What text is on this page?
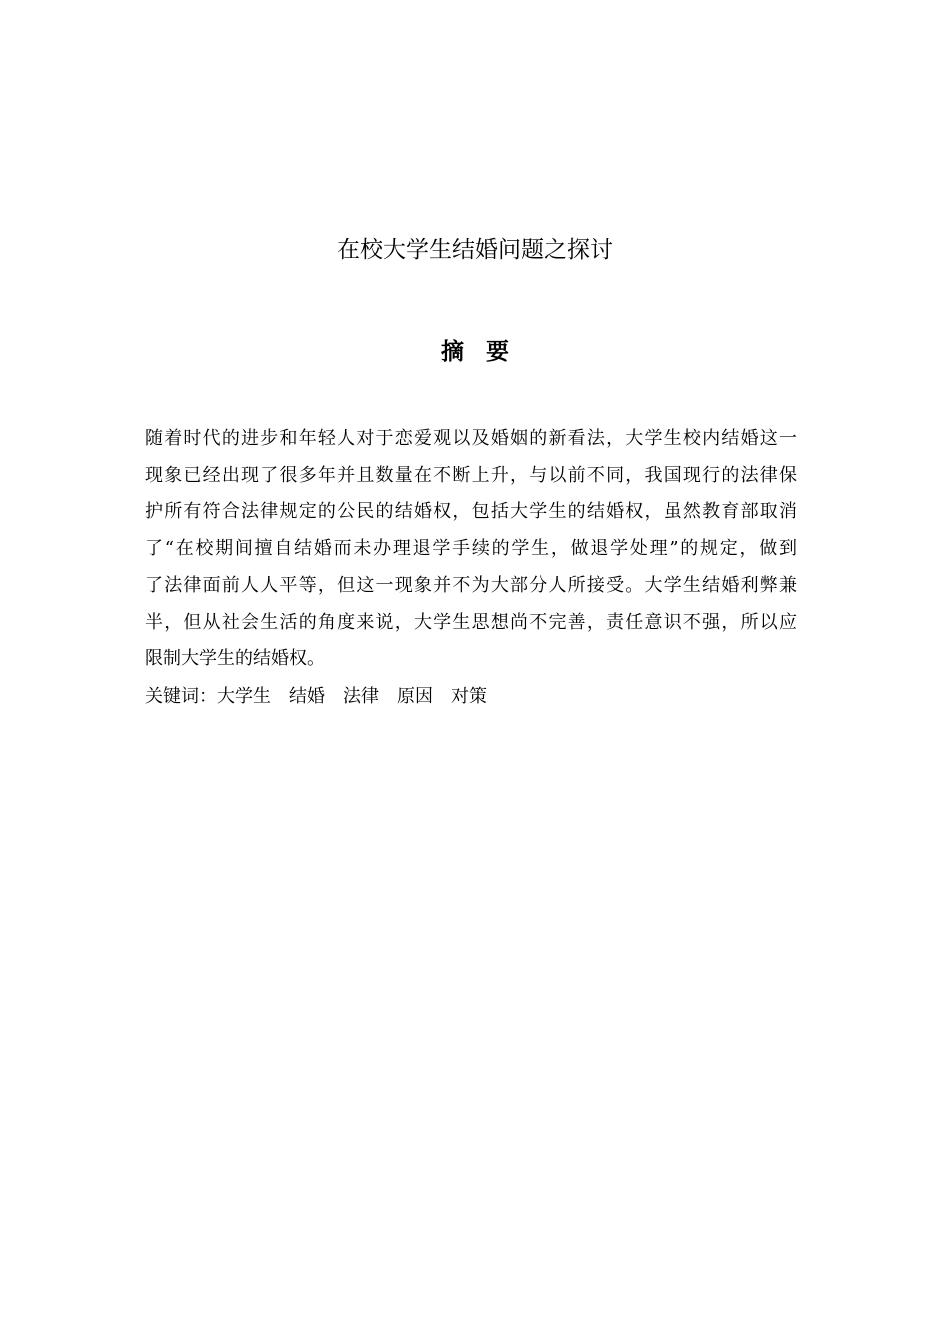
在校大学生结婚问题之探讨
摘要
随着时代的进步和年轻人对于恋爱观以及婚姻的新看法，大学生校内结婚这一
现象已经出现了很多年并且数量在不断上升，与以前不同，我国现行的法律保
护所有符合法律规定的公民的结婚权，包括大学生的结婚权，虽然教育部取消
了“在校期间擅自结婚而未办理退学手续的学生，做退学处理”的规定，做到
了法律面前人人平等，但这一现象并不为大部分人所接受。大学生结婚利弊兼
半，但从社会生活的角度来说，大学生思想尚不完善，责任意识不强，所以应
限制大学生的结婚权。

关键词：大学生 结婚 法律 原因 对策
